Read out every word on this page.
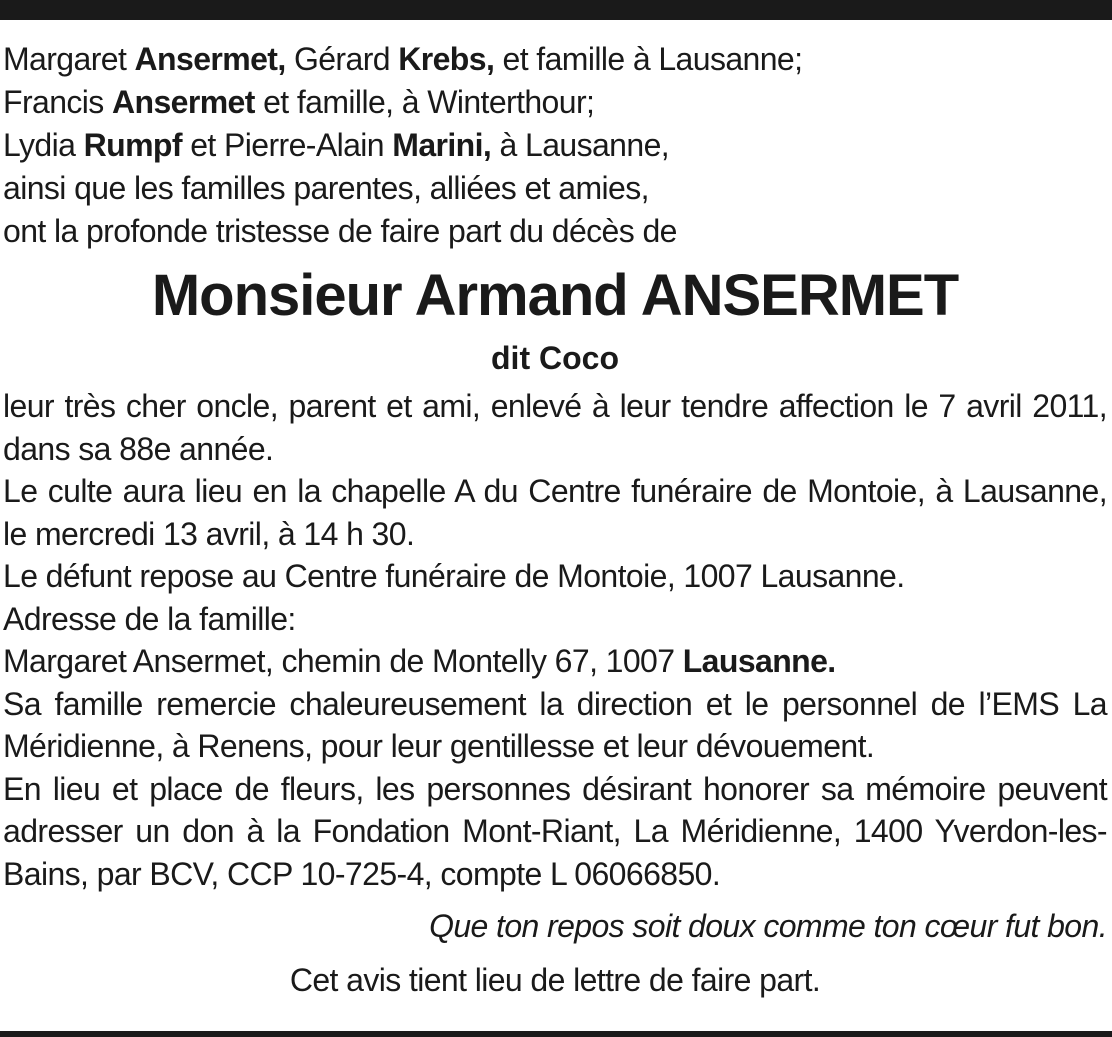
Margaret Ansermet, Gérard Krebs, et famille à Lausanne;
Francis Ansermet et famille, à Winterthour;
Lydia Rumpf et Pierre-Alain Marini, à Lausanne,
ainsi que les familles parentes, alliées et amies,
ont la profonde tristesse de faire part du décès de
Monsieur Armand ANSERMET
dit Coco

leur très cher oncle, parent et ami, enlevé à leur tendre affection le 7 avril 2011, dans sa 88e année.

Le culte aura lieu en la chapelle A du Centre funéraire de Montoie, à Lausanne, le mercredi 13 avril, à 14 h 30.

Le défunt repose au Centre funéraire de Montoie, 1007 Lausanne.

Adresse de la famille:

Margaret Ansermet, chemin de Montelly 67, 1007 Lausanne.

Sa famille remercie chaleureusement la direction et le personnel de l’EMS La Méridienne, à Renens, pour leur gentillesse et leur dévouement.

En lieu et place de fleurs, les personnes désirant honorer sa mémoire peuvent adresser un don à la Fondation Mont-Riant, La Méridienne, 1400 Yverdon-les-Bains, par BCV, CCP 10-725-4, compte L 06066850.

Que ton repos soit doux comme ton cœur fut bon.
Cet avis tient lieu de lettre de faire part.
